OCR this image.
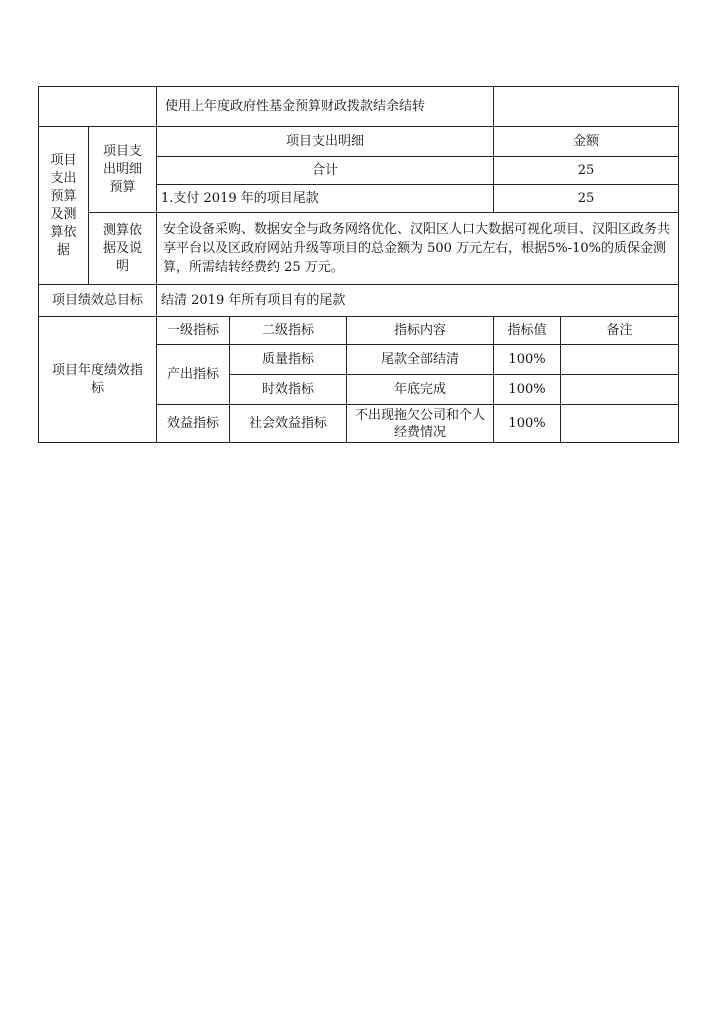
		使用上年度政府性基金预算财政拨款结余结转				
项目支出预算及测算依据	项目支出明细预算	项目支出明细			金额	
		合计			25	
		1.支付 2019 年的项目尾款			25	
	测算依据及说明	安全设备采购、数据安全与政务网络优化、汉阳区人口大数据可视化项目、汉阳区政务共享平台以及区政府网站升级等项目的总金额为 500 万元左右，根据5%-10%的质保金测算，所需结转经费约 25 万元。				
项目绩效总目标		结清 2019 年所有项目有的尾款				
项目年度绩效指标		一级指标	二级指标	指标内容	指标值	备注
		产出指标	质量指标	尾款全部结清	100%	
			时效指标	年底完成	100%	
		效益指标	社会效益指标	不出现拖欠公司和个人经费情况	100%	
